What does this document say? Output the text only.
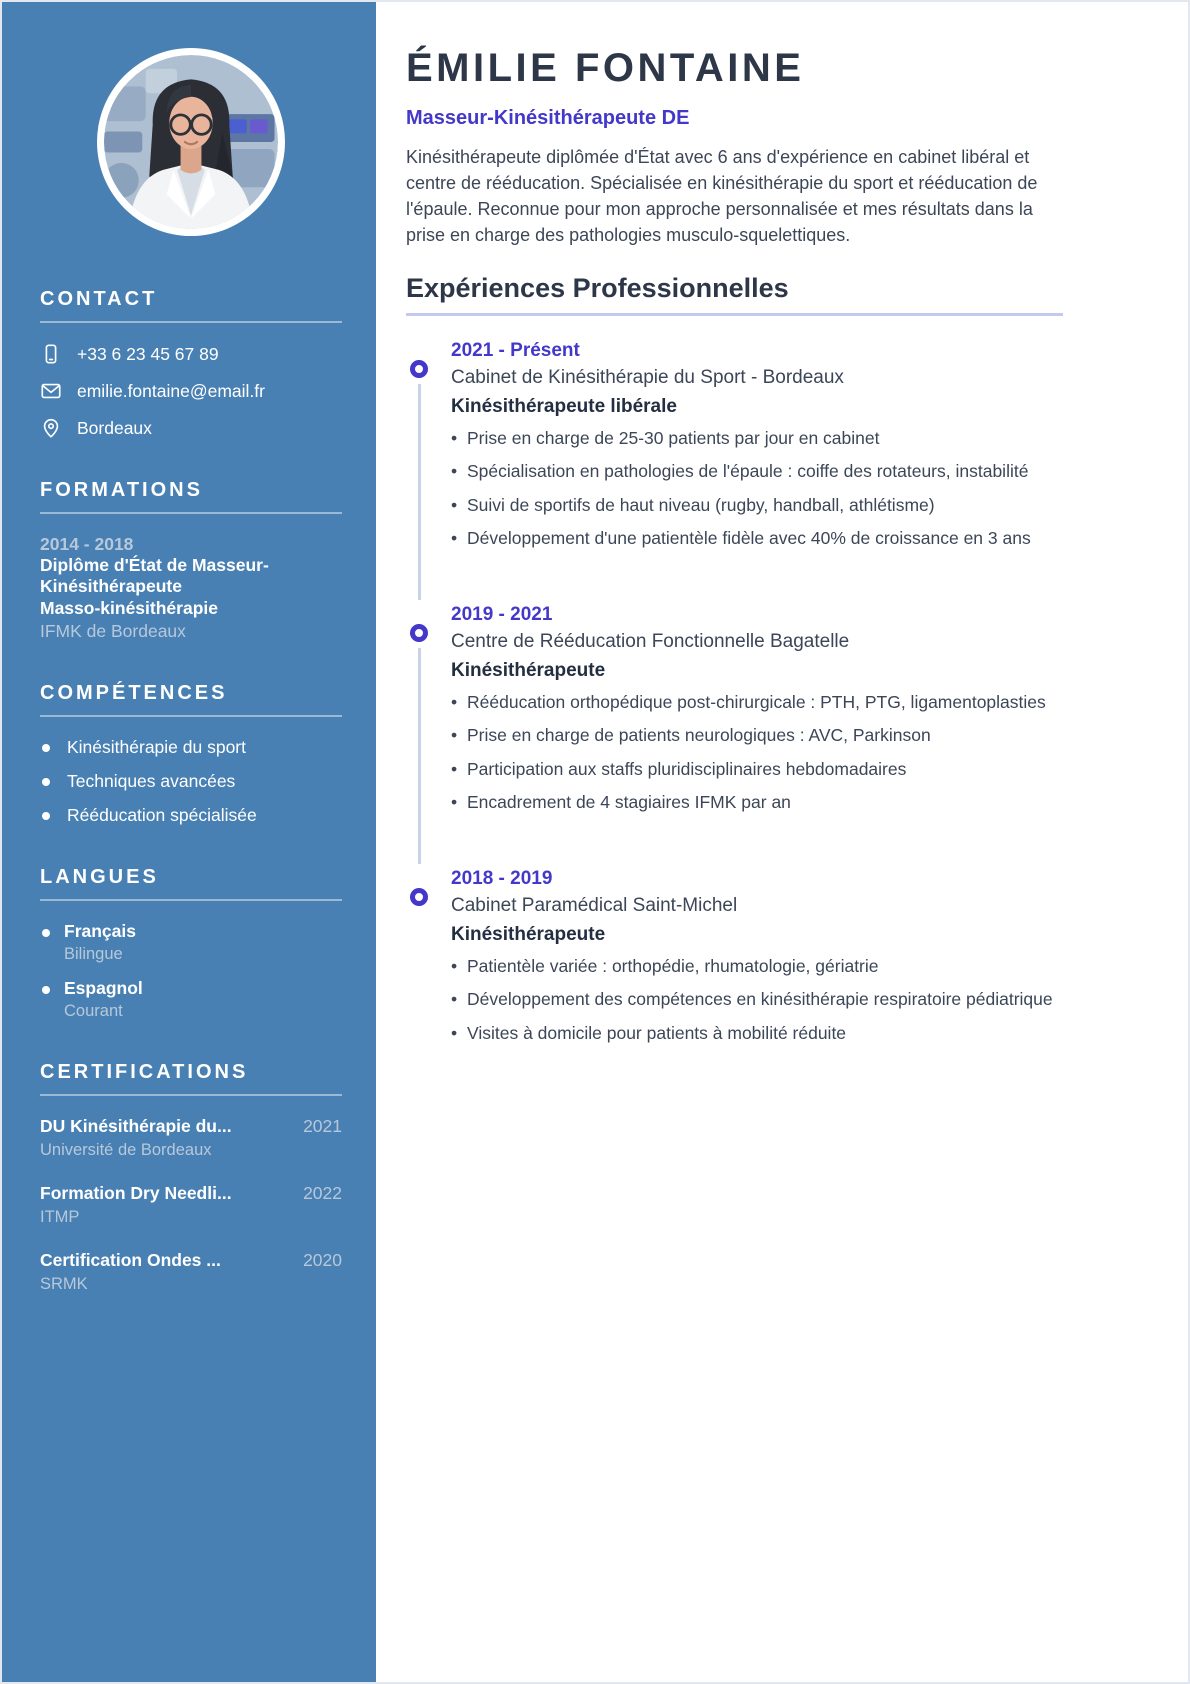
CONTACT
+33 6 23 45 67 89
emilie.fontaine@email.fr
Bordeaux
FORMATIONS
2014 - 2018
Diplôme d'État de Masseur-Kinésithérapeute
Masso-kinésithérapie
IFMK de Bordeaux
COMPÉTENCES
Kinésithérapie du sport
Techniques avancées
Rééducation spécialisée
LANGUES
Français
Bilingue
Espagnol
Courant
CERTIFICATIONS
DU Kinésithérapie du...	2021
Université de Bordeaux
Formation Dry Needli...	2022
ITMP
Certification Ondes ...	2020
SRMK
ÉMILIE FONTAINE
Masseur-Kinésithérapeute DE

Kinésithérapeute diplômée d'État avec 6 ans d'expérience en cabinet libéral et centre de rééducation. Spécialisée en kinésithérapie du sport et rééducation de l'épaule. Reconnue pour mon approche personnalisée et mes résultats dans la prise en charge des pathologies musculo-squelettiques.

Expériences Professionnelles
2021 - Présent
Cabinet de Kinésithérapie du Sport - Bordeaux
Kinésithérapeute libérale
• Prise en charge de 25-30 patients par jour en cabinet
• Spécialisation en pathologies de l'épaule : coiffe des rotateurs, instabilité
• Suivi de sportifs de haut niveau (rugby, handball, athlétisme)
• Développement d'une patientèle fidèle avec 40% de croissance en 3 ans
2019 - 2021
Centre de Rééducation Fonctionnelle Bagatelle
Kinésithérapeute
• Rééducation orthopédique post-chirurgicale : PTH, PTG, ligamentoplasties
• Prise en charge de patients neurologiques : AVC, Parkinson
• Participation aux staffs pluridisciplinaires hebdomadaires
• Encadrement de 4 stagiaires IFMK par an
2018 - 2019
Cabinet Paramédical Saint-Michel
Kinésithérapeute
• Patientèle variée : orthopédie, rhumatologie, gériatrie
• Développement des compétences en kinésithérapie respiratoire pédiatrique
• Visites à domicile pour patients à mobilité réduite
